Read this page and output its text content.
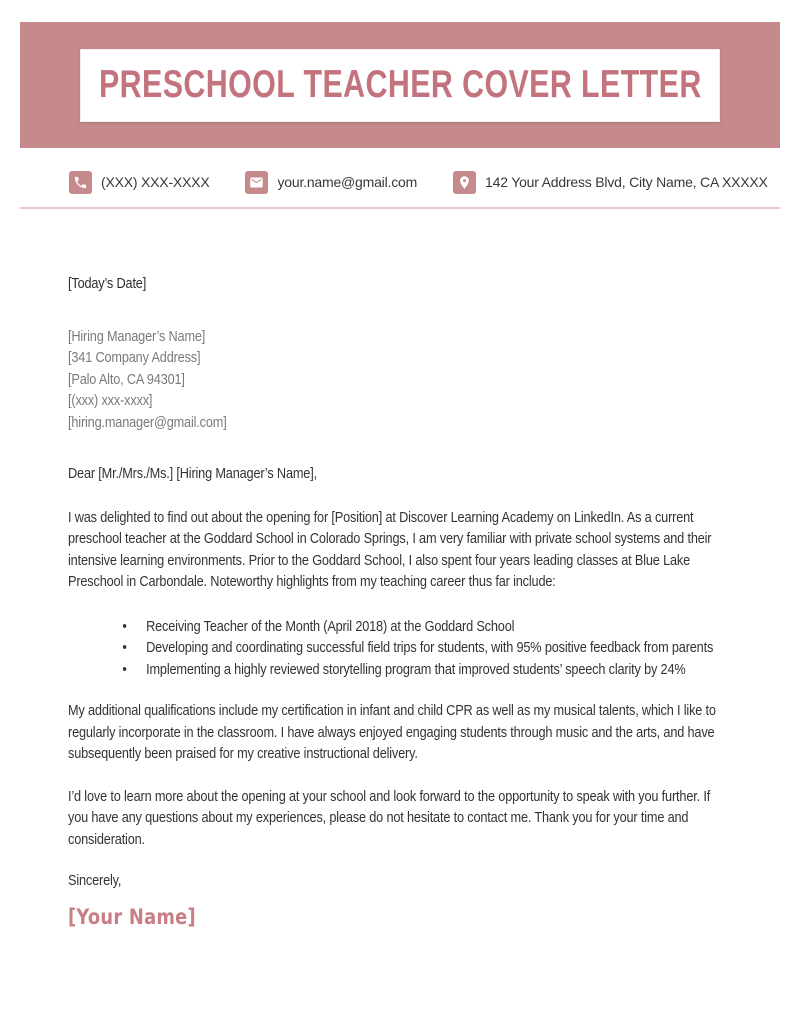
PRESCHOOL TEACHER COVER LETTER
(XXX) XXX-XXXX	your.name@gmail.com	142 Your Address Blvd, City Name, CA XXXXX

[Today’s Date]

[Hiring Manager’s Name]

[341 Company Address]

[Palo Alto, CA 94301]

[(xxx) xxx-xxxx]

[hiring.manager@gmail.com]

Dear [Mr./Mrs./Ms.] [Hiring Manager’s Name],

I was delighted to find out about the opening for [Position] at Discover Learning Academy on LinkedIn. As a current preschool teacher at the Goddard School in Colorado Springs, I am very familiar with private school systems and their intensive learning environments. Prior to the Goddard School, I also spent four years leading classes at Blue Lake Preschool in Carbondale. Noteworthy highlights from my teaching career thus far include:

• Receiving Teacher of the Month (April 2018) at the Goddard School
• Developing and coordinating successful field trips for students, with 95% positive feedback from parents
• Implementing a highly reviewed storytelling program that improved students’ speech clarity by 24%

My additional qualifications include my certification in infant and child CPR as well as my musical talents, which I like to regularly incorporate in the classroom. I have always enjoyed engaging students through music and the arts, and have subsequently been praised for my creative instructional delivery.

I’d love to learn more about the opening at your school and look forward to the opportunity to speak with you further. If you have any questions about my experiences, please do not hesitate to contact me. Thank you for your time and consideration.

Sincerely,

[Your Name]
